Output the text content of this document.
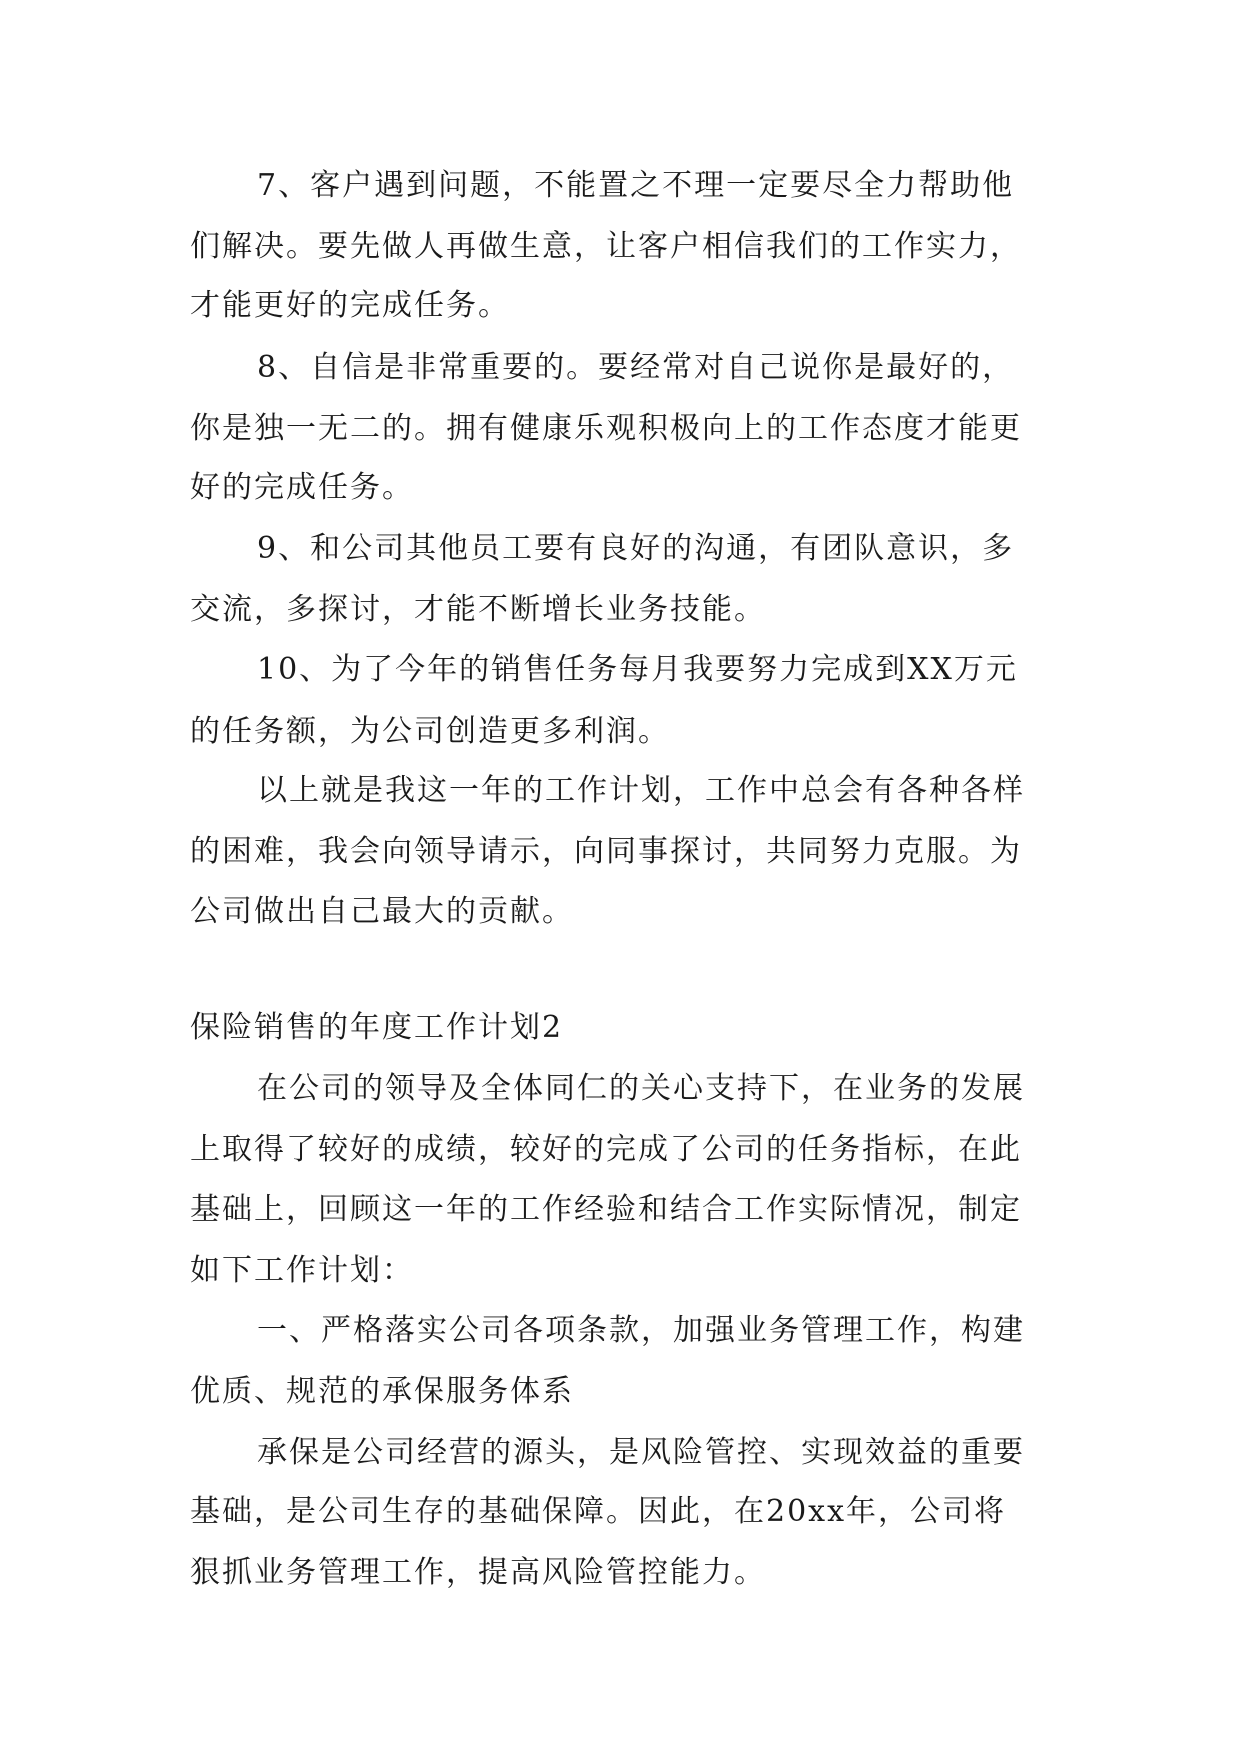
7、客户遇到问题，不能置之不理一定要尽全力帮助他
们解决。要先做人再做生意，让客户相信我们的工作实力，
才能更好的完成任务。
8、自信是非常重要的。要经常对自己说你是最好的，
你是独一无二的。拥有健康乐观积极向上的工作态度才能更
好的完成任务。
9、和公司其他员工要有良好的沟通，有团队意识，多
交流，多探讨，才能不断增长业务技能。
10、为了今年的销售任务每月我要努力完成到XX万元
的任务额，为公司创造更多利润。
以上就是我这一年的工作计划，工作中总会有各种各样
的困难，我会向领导请示，向同事探讨，共同努力克服。为
公司做出自己最大的贡献。
保险销售的年度工作计划2
在公司的领导及全体同仁的关心支持下，在业务的发展
上取得了较好的成绩，较好的完成了公司的任务指标，在此
基础上，回顾这一年的工作经验和结合工作实际情况，制定
如下工作计划：
一、严格落实公司各项条款，加强业务管理工作，构建
优质、规范的承保服务体系
承保是公司经营的源头，是风险管控、实现效益的重要
基础，是公司生存的基础保障。因此，在20xx年，公司将
狠抓业务管理工作，提高风险管控能力。
